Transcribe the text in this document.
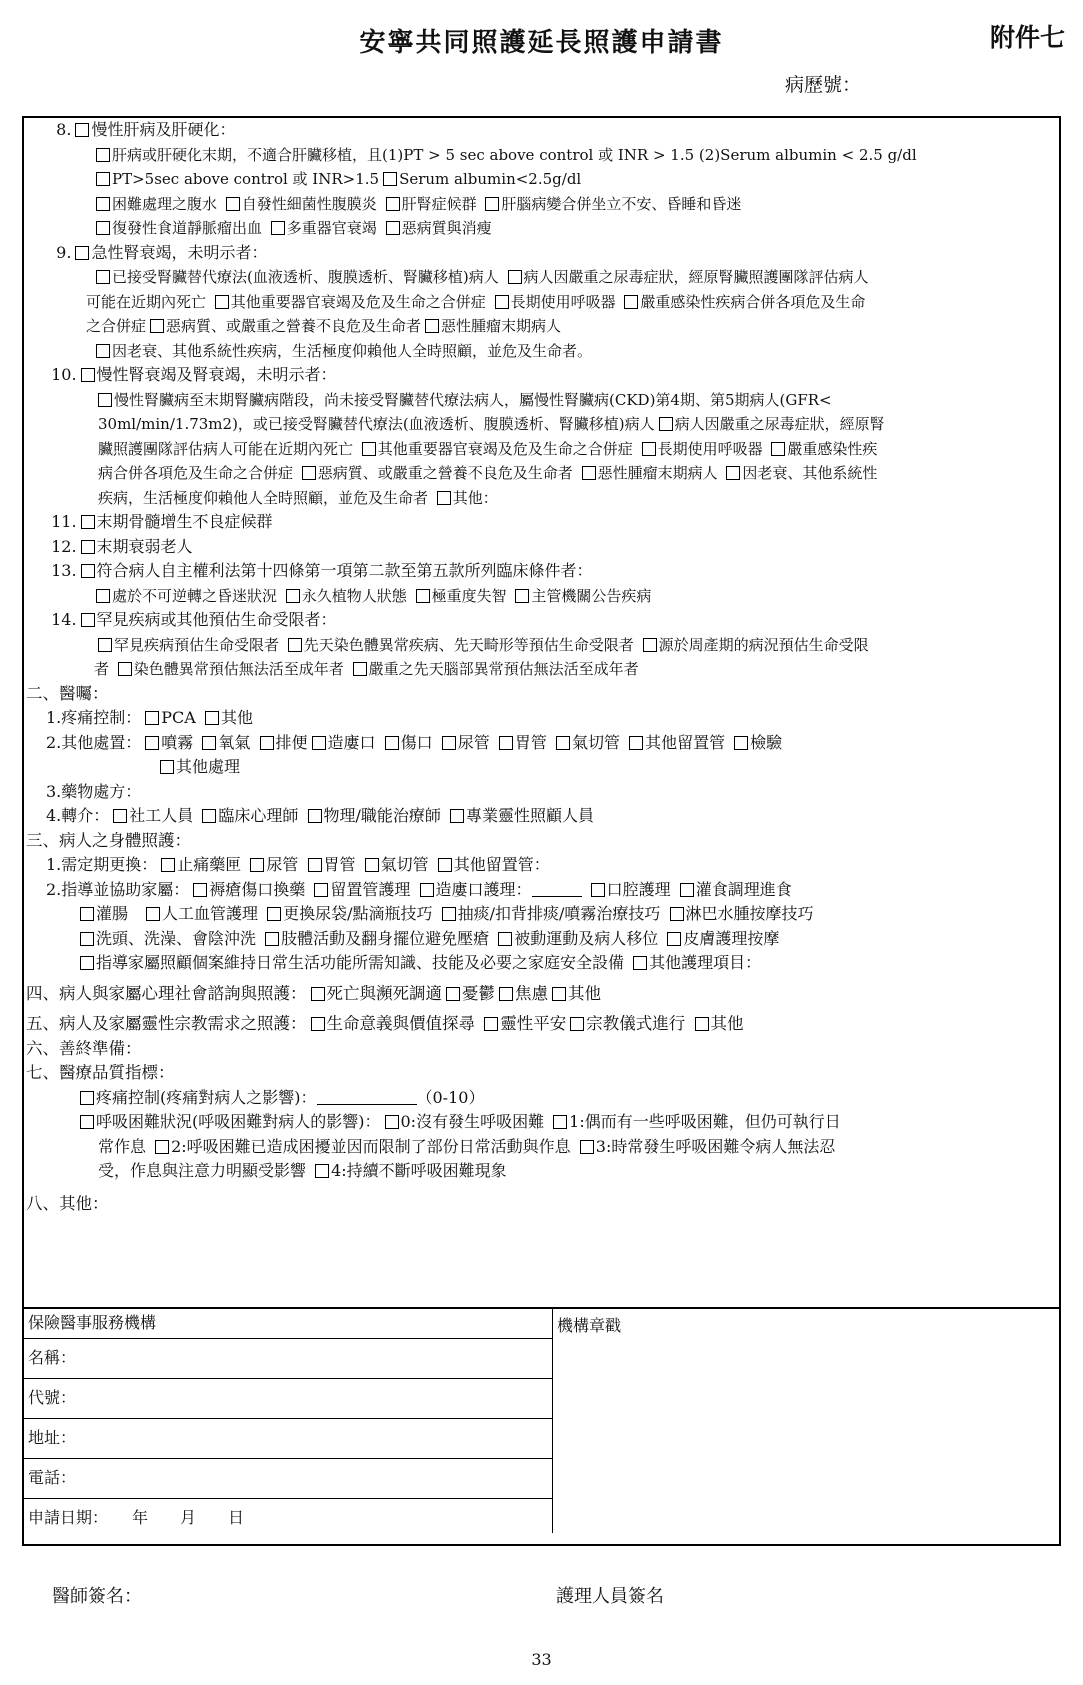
安寧共同照護延長照護申請書	附件七
病歷號：
8. 慢性肝病及肝硬化：
肝病或肝硬化末期，不適合肝臟移植，且(1)PT > 5 sec above control 或 INR > 1.5 (2)Serum albumin < 2.5 g/dl
PT>5sec above control 或 INR>1.5 Serum albumin<2.5g/dl
困難處理之腹水 自發性細菌性腹膜炎 肝腎症候群 肝腦病變合併坐立不安、昏睡和昏迷
復發性食道靜脈瘤出血 多重器官衰竭 惡病質與消瘦
9. 急性腎衰竭，未明示者：
已接受腎臟替代療法(血液透析、腹膜透析、腎臟移植)病人 病人因嚴重之尿毒症狀，經原腎臟照護團隊評估病人
可能在近期內死亡 其他重要器官衰竭及危及生命之合併症 長期使用呼吸器 嚴重感染性疾病合併各項危及生命
之合併症 惡病質、或嚴重之營養不良危及生命者 惡性腫瘤末期病人
因老衰、其他系統性疾病，生活極度仰賴他人全時照顧，並危及生命者。
10. 慢性腎衰竭及腎衰竭，未明示者：
慢性腎臟病至末期腎臟病階段，尚未接受腎臟替代療法病人，屬慢性腎臟病(CKD)第4期、第5期病人(GFR<
30ml/min/1.73m2)，或已接受腎臟替代療法(血液透析、腹膜透析、腎臟移植)病人 病人因嚴重之尿毒症狀，經原腎
臟照護團隊評估病人可能在近期內死亡 其他重要器官衰竭及危及生命之合併症 長期使用呼吸器 嚴重感染性疾
病合併各項危及生命之合併症 惡病質、或嚴重之營養不良危及生命者 惡性腫瘤末期病人 因老衰、其他系統性
疾病，生活極度仰賴他人全時照顧，並危及生命者 其他：
11. 末期骨髓增生不良症候群
12. 末期衰弱老人
13. 符合病人自主權利法第十四條第一項第二款至第五款所列臨床條件者：
處於不可逆轉之昏迷狀況 永久植物人狀態 極重度失智 主管機關公告疾病
14. 罕見疾病或其他預估生命受限者：
罕見疾病預估生命受限者 先天染色體異常疾病、先天畸形等預估生命受限者 源於周產期的病況預估生命受限
者 染色體異常預估無法活至成年者 嚴重之先天腦部異常預估無法活至成年者
二、醫囑：
1.疼痛控制： PCA 其他
2.其他處置： 噴霧 氧氣 排便 造廔口 傷口 尿管 胃管 氣切管 其他留置管 檢驗
其他處理
3.藥物處方：
4.轉介： 社工人員 臨床心理師 物理/職能治療師 專業靈性照顧人員
三、病人之身體照護：
1.需定期更換： 止痛藥匣 尿管 胃管 氣切管 其他留置管：
2.指導並協助家屬： 褥瘡傷口換藥 留置管護理 造廔口護理：	口腔護理 灌食調理進食
灌腸 人工血管護理 更換尿袋/點滴瓶技巧 抽痰/扣背排痰/噴霧治療技巧 淋巴水腫按摩技巧
洗頭、洗澡、會陰沖洗 肢體活動及翻身擺位避免壓瘡 被動運動及病人移位 皮膚護理按摩
指導家屬照顧個案維持日常生活功能所需知識、技能及必要之家庭安全設備 其他護理項目：
四、病人與家屬心理社會諮詢與照護： 死亡與瀕死調適 憂鬱 焦慮 其他
五、病人及家屬靈性宗教需求之照護： 生命意義與價值探尋 靈性平安 宗教儀式進行 其他
六、善終準備：
七、醫療品質指標：
疼痛控制(疼痛對病人之影響)：	（0-10）
呼吸困難狀況(呼吸困難對病人的影響)： 0:沒有發生呼吸困難 1:偶而有一些呼吸困難，但仍可執行日
常作息 2:呼吸困難已造成困擾並因而限制了部份日常活動與作息 3:時常發生呼吸困難令病人無法忍
受，作息與注意力明顯受影響 4:持續不斷呼吸困難現象
八、其他：
保險醫事服務機構
名稱：
代號：
地址：
電話：
申請日期：　　年　　月　　日
機構章戳
醫師簽名：	護理人員簽名
33
